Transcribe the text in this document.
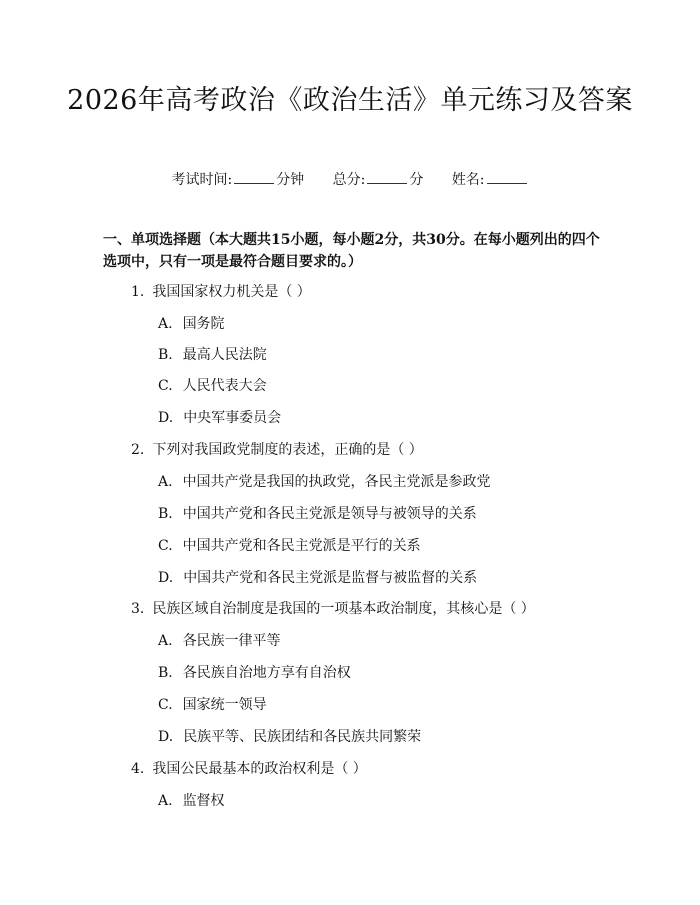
2026年高考政治《政治生活》单元练习及答案
考试时间:	分钟 总分:	分 姓名:

一、单项选择题（本大题共15小题，每小题2分，共30分。在每小题列出的四个选项中，只有一项是最符合题目要求的。）

1. 我国国家权力机关是（ ）
A. 国务院
B. 最高人民法院
C. 人民代表大会
D. 中央军事委员会
2. 下列对我国政党制度的表述，正确的是（ ）
A. 中国共产党是我国的执政党，各民主党派是参政党
B. 中国共产党和各民主党派是领导与被领导的关系
C. 中国共产党和各民主党派是平行的关系
D. 中国共产党和各民主党派是监督与被监督的关系
3. 民族区域自治制度是我国的一项基本政治制度，其核心是（ ）
A. 各民族一律平等
B. 各民族自治地方享有自治权
C. 国家统一领导
D. 民族平等、民族团结和各民族共同繁荣
4. 我国公民最基本的政治权利是（ ）
A. 监督权
